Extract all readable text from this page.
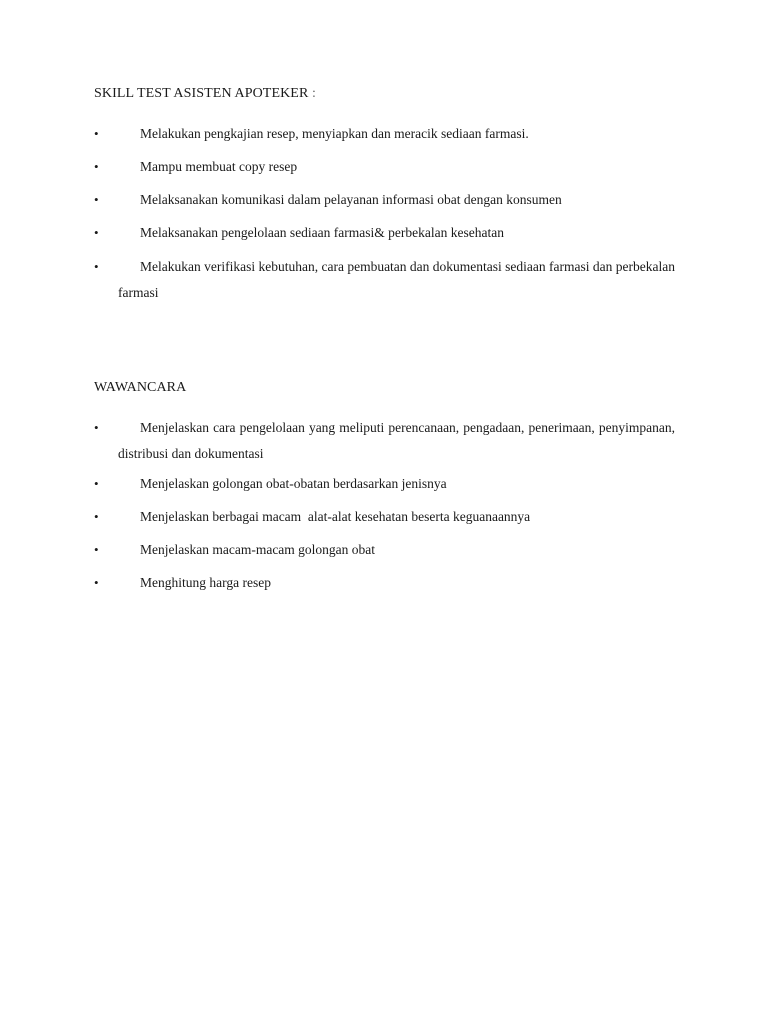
SKILL TEST ASISTEN APOTEKER :
•	Melakukan pengkajian resep, menyiapkan dan meracik sediaan farmasi.
•	Mampu membuat copy resep
•	Melaksanakan komunikasi dalam pelayanan informasi obat dengan konsumen
•	Melaksanakan pengelolaan sediaan farmasi& perbekalan kesehatan
•	Melakukan verifikasi kebutuhan, cara pembuatan dan dokumentasi sediaan farmasi dan perbekalan farmasi
WAWANCARA
•	Menjelaskan cara pengelolaan yang meliputi perencanaan, pengadaan, penerimaan, penyimpanan, distribusi dan dokumentasi
•	Menjelaskan golongan obat-obatan berdasarkan jenisnya
•	Menjelaskan berbagai macam  alat-alat kesehatan beserta keguanaannya
•	Menjelaskan macam-macam golongan obat
•	Menghitung harga resep
